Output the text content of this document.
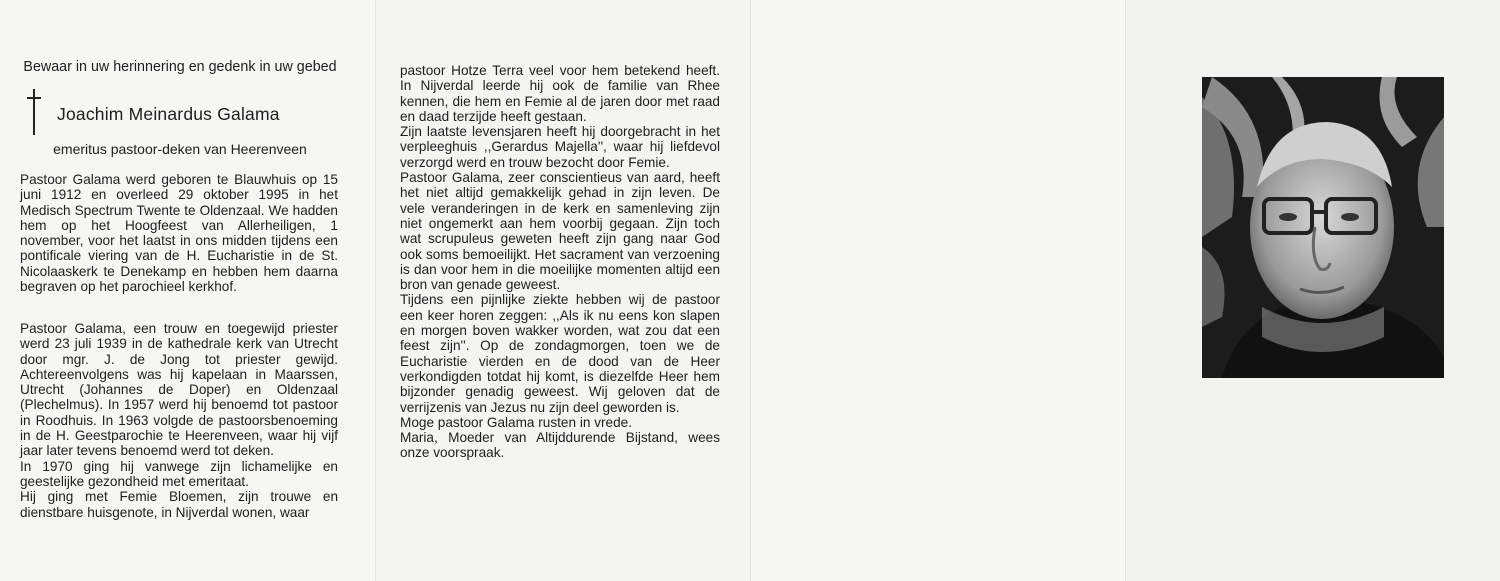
Bewaar in uw herinnering en gedenk in uw gebed
Joachim Meinardus Galama
emeritus pastoor-deken van Heerenveen

Pastoor Galama werd geboren te Blauwhuis op 15 juni 1912 en overleed 29 oktober 1995 in het Medisch Spectrum Twente te Oldenzaal. We hadden hem op het Hoogfeest van Allerheiligen, 1 november, voor het laatst in ons midden tijdens een pontificale viering van de H. Eucharistie in de St. Nicolaaskerk te Denekamp en hebben hem daarna begraven op het parochieel kerkhof.

Pastoor Galama, een trouw en toegewijd priester werd 23 juli 1939 in de kathedrale kerk van Utrecht door mgr. J. de Jong tot priester gewijd. Achtereenvolgens was hij kapelaan in Maarssen, Utrecht (Johannes de Doper) en Oldenzaal (Plechelmus). In 1957 werd hij benoemd tot pastoor in Roodhuis. In 1963 volgde de pastoorsbenoeming in de H. Geestparochie te Heerenveen, waar hij vijf jaar later tevens benoemd werd tot deken.

In 1970 ging hij vanwege zijn lichamelijke en geestelijke gezondheid met emeritaat.

Hij ging met Femie Bloemen, zijn trouwe en dienstbare huisgenote, in Nijverdal wonen, waar

pastoor Hotze Terra veel voor hem betekend heeft. In Nijverdal leerde hij ook de familie van Rhee kennen, die hem en Femie al de jaren door met raad en daad terzijde heeft gestaan.

Zijn laatste levensjaren heeft hij doorgebracht in het verpleeghuis ,,Gerardus Majella'', waar hij liefdevol verzorgd werd en trouw bezocht door Femie.

Pastoor Galama, zeer conscientieus van aard, heeft het niet altijd gemakkelijk gehad in zijn leven. De vele veranderingen in de kerk en samenleving zijn niet ongemerkt aan hem voorbij gegaan. Zijn toch wat scrupuleus geweten heeft zijn gang naar God ook soms bemoeilijkt. Het sacrament van verzoening is dan voor hem in die moeilijke momenten altijd een bron van genade geweest.

Tijdens een pijnlijke ziekte hebben wij de pastoor een keer horen zeggen: ,,Als ik nu eens kon slapen en morgen boven wakker worden, wat zou dat een feest zijn''. Op de zondagmorgen, toen we de Eucharistie vierden en de dood van de Heer verkondigden totdat hij komt, is diezelfde Heer hem bijzonder genadig geweest. Wij geloven dat de verrijzenis van Jezus nu zijn deel geworden is.

Moge pastoor Galama rusten in vrede.

Maria, Moeder van Altijddurende Bijstand, wees onze voorspraak.
